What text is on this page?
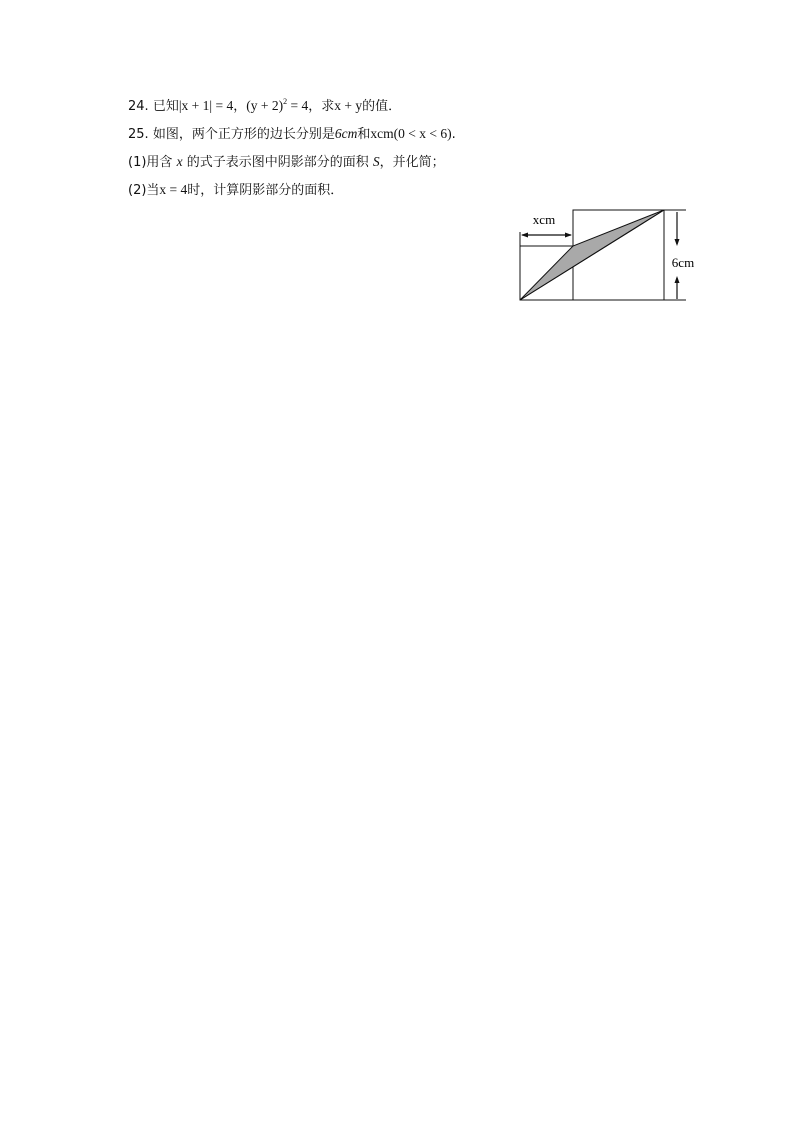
24. 已知|x + 1| = 4，$(y + 2)^2 = 4$，求x + y的值．
25. 如图，两个正方形的边长分别是6cm和xcm(0 < x < 6).
(1)用含 x 的式子表示图中阴影部分的面积 S，并化简；
(2)当x = 4时，计算阴影部分的面积．
xcm
6cm
